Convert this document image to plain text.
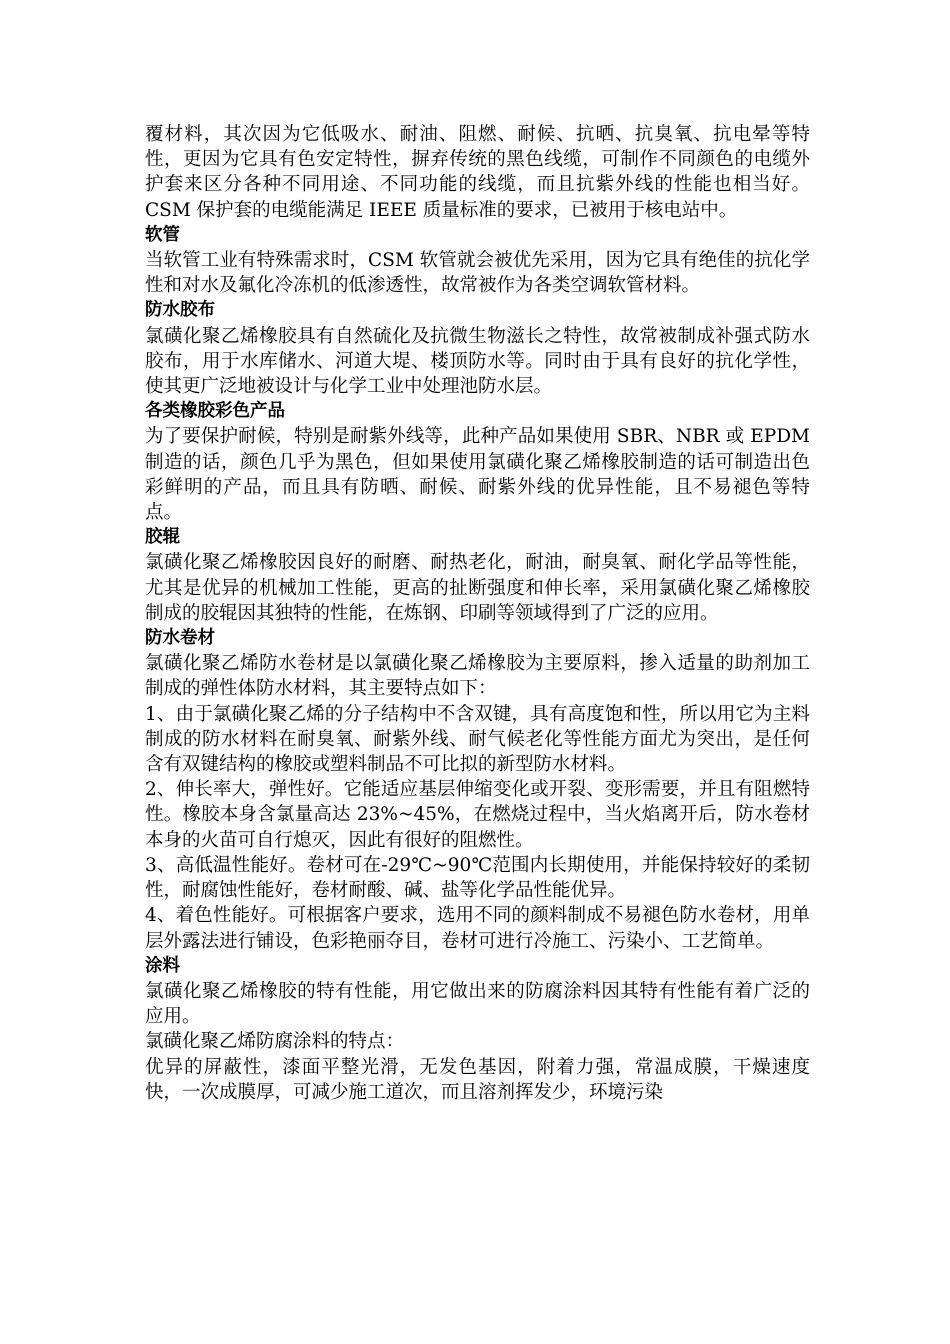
覆材料，其次因为它低吸水、耐油、阻燃、耐候、抗晒、抗臭氧、抗电晕等特性，更因为它具有色安定特性，摒弃传统的黑色线缆，可制作不同颜色的电缆外护套来区分各种不同用途、不同功能的线缆，而且抗紫外线的性能也相当好。CSM 保护套的电缆能满足 IEEE 质量标准的要求，已被用于核电站中。

软管

当软管工业有特殊需求时，CSM 软管就会被优先采用，因为它具有绝佳的抗化学性和对水及氟化冷冻机的低渗透性，故常被作为各类空调软管材料。

防水胶布

氯磺化聚乙烯橡胶具有自然硫化及抗微生物滋长之特性，故常被制成补强式防水胶布，用于水库储水、河道大堤、楼顶防水等。同时由于具有良好的抗化学性，使其更广泛地被设计与化学工业中处理池防水层。

各类橡胶彩色产品

为了要保护耐候，特别是耐紫外线等，此种产品如果使用 SBR、NBR 或 EPDM 制造的话，颜色几乎为黑色，但如果使用氯磺化聚乙烯橡胶制造的话可制造出色彩鲜明的产品，而且具有防晒、耐候、耐紫外线的优异性能，且不易褪色等特点。

胶辊

氯磺化聚乙烯橡胶因良好的耐磨、耐热老化，耐油，耐臭氧、耐化学品等性能，尤其是优异的机械加工性能，更高的扯断强度和伸长率，采用氯磺化聚乙烯橡胶制成的胶辊因其独特的性能，在炼钢、印刷等领域得到了广泛的应用。

防水卷材

氯磺化聚乙烯防水卷材是以氯磺化聚乙烯橡胶为主要原料，掺入适量的助剂加工制成的弹性体防水材料，其主要特点如下：

1、由于氯磺化聚乙烯的分子结构中不含双键，具有高度饱和性，所以用它为主料制成的防水材料在耐臭氧、耐紫外线、耐气候老化等性能方面尤为突出，是任何含有双键结构的橡胶或塑料制品不可比拟的新型防水材料。

2、伸长率大，弹性好。它能适应基层伸缩变化或开裂、变形需要，并且有阻燃特性。橡胶本身含氯量高达 23%~45%，在燃烧过程中，当火焰离开后，防水卷材本身的火苗可自行熄灭，因此有很好的阻燃性。

3、高低温性能好。卷材可在-29℃~90℃范围内长期使用，并能保持较好的柔韧性，耐腐蚀性能好，卷材耐酸、碱、盐等化学品性能优异。

4、着色性能好。可根据客户要求，选用不同的颜料制成不易褪色防水卷材，用单层外露法进行铺设，色彩艳丽夺目，卷材可进行冷施工、污染小、工艺简单。

涂料

氯磺化聚乙烯橡胶的特有性能，用它做出来的防腐涂料因其特有性能有着广泛的应用。

氯磺化聚乙烯防腐涂料的特点：

优异的屏蔽性，漆面平整光滑，无发色基因，附着力强，常温成膜，干燥速度快，一次成膜厚，可减少施工道次，而且溶剂挥发少，环境污染
